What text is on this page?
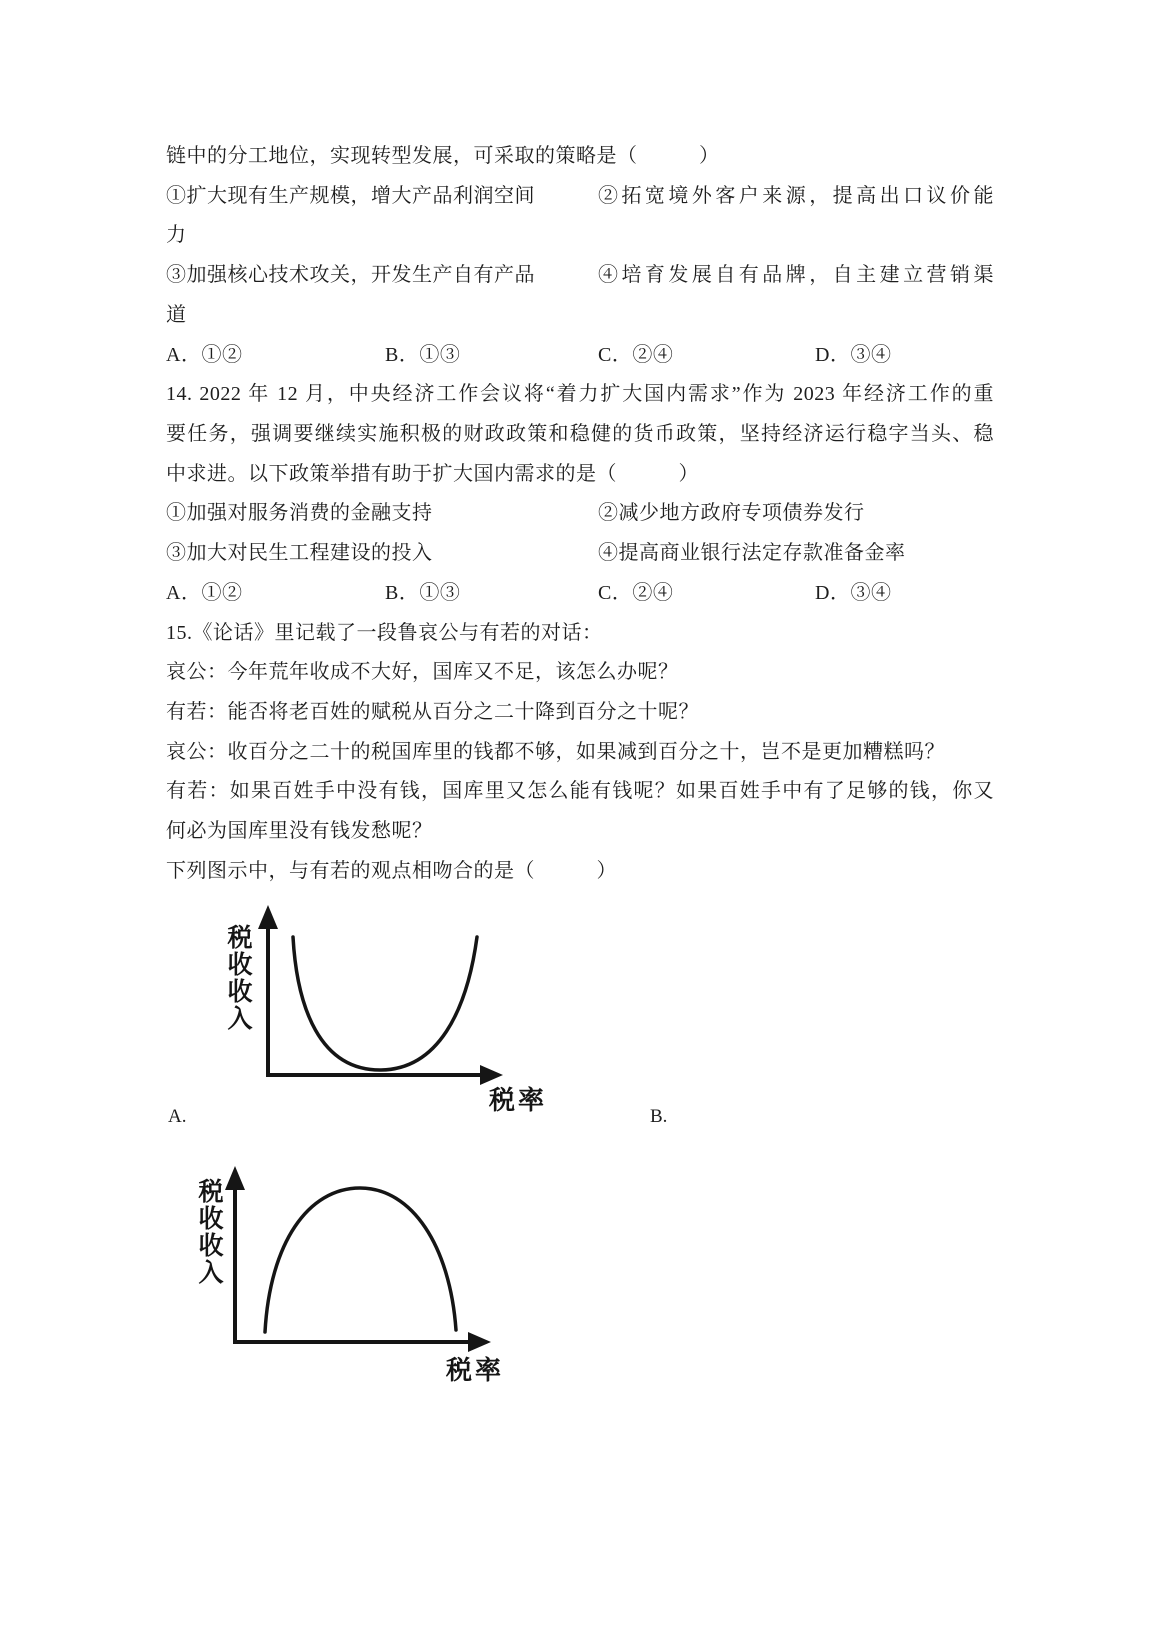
链中的分工地位，实现转型发展，可采取的策略是（　　　）
①扩大现有生产规模，增大产品利润空间	②拓宽境外客户来源，提高出口议价能
力
③加强核心技术攻关，开发生产自有产品	④培育发展自有品牌，自主建立营销渠
道
A．①②	B．①③	C．②④	D．③④
14. 2022 年 12 月，中央经济工作会议将“着力扩大国内需求”作为 2023 年经济工作的重
要任务，强调要继续实施积极的财政政策和稳健的货币政策，坚持经济运行稳字当头、稳
中求进。以下政策举措有助于扩大国内需求的是（　　　）
①加强对服务消费的金融支持	②减少地方政府专项债券发行
③加大对民生工程建设的投入	④提高商业银行法定存款准备金率
A．①②	B．①③	C．②④	D．③④
15.《论话》里记载了一段鲁哀公与有若的对话：
哀公：今年荒年收成不大好，国库又不足，该怎么办呢？
有若：能否将老百姓的赋税从百分之二十降到百分之十呢？
哀公：收百分之二十的税国库里的钱都不够，如果减到百分之十，岂不是更加糟糕吗？
有若：如果百姓手中没有钱，国库里又怎么能有钱呢？如果百姓手中有了足够的钱，你又
何必为国库里没有钱发愁呢？
下列图示中，与有若的观点相吻合的是（　　　）
税收收入
税率
A.	B.
税收收入
税率
